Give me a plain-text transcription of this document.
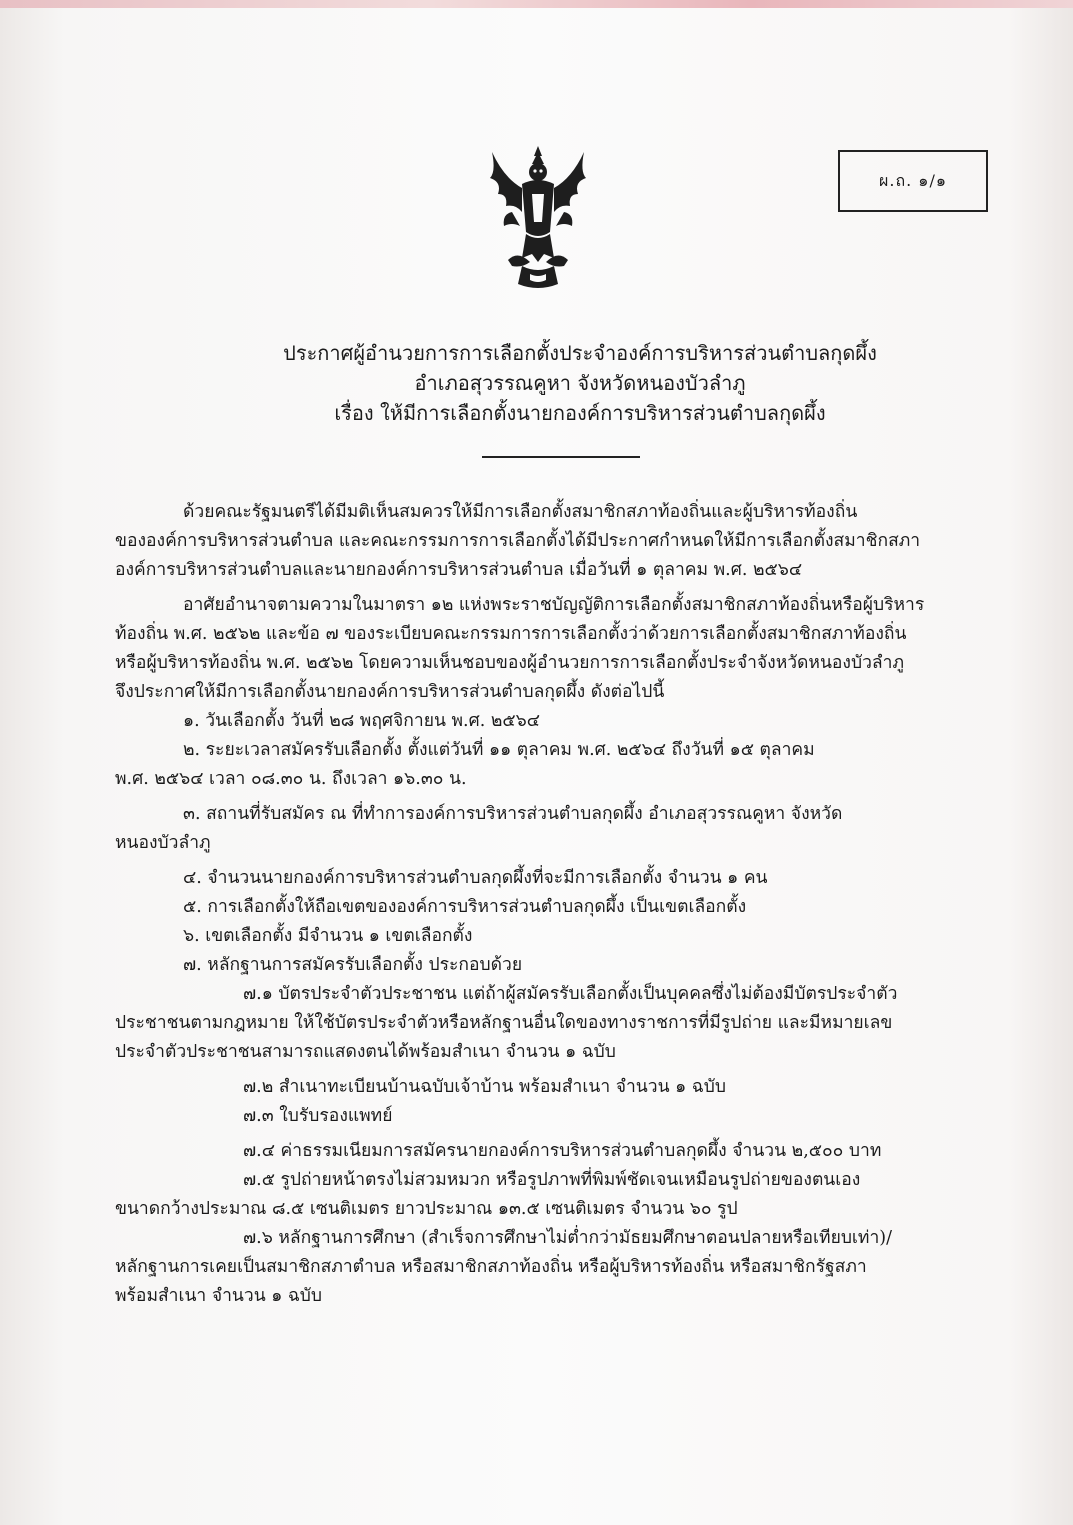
ผ.ถ. ๑/๑
ประกาศผู้อำนวยการการเลือกตั้งประจำองค์การบริหารส่วนตำบลกุดผึ้ง
อำเภอสุวรรณคูหา จังหวัดหนองบัวลำภู
เรื่อง ให้มีการเลือกตั้งนายกองค์การบริหารส่วนตำบลกุดผึ้ง
ด้วยคณะรัฐมนตรีได้มีมติเห็นสมควรให้มีการเลือกตั้งสมาชิกสภาท้องถิ่นและผู้บริหารท้องถิ่น
ขององค์การบริหารส่วนตำบล และคณะกรรมการการเลือกตั้งได้มีประกาศกำหนดให้มีการเลือกตั้งสมาชิกสภา
องค์การบริหารส่วนตำบลและนายกองค์การบริหารส่วนตำบล เมื่อวันที่ ๑ ตุลาคม พ.ศ. ๒๕๖๔
อาศัยอำนาจตามความในมาตรา ๑๒ แห่งพระราชบัญญัติการเลือกตั้งสมาชิกสภาท้องถิ่นหรือผู้บริหาร
ท้องถิ่น พ.ศ. ๒๕๖๒ และข้อ ๗ ของระเบียบคณะกรรมการการเลือกตั้งว่าด้วยการเลือกตั้งสมาชิกสภาท้องถิ่น
หรือผู้บริหารท้องถิ่น พ.ศ. ๒๕๖๒ โดยความเห็นชอบของผู้อำนวยการการเลือกตั้งประจำจังหวัดหนองบัวลำภู
จึงประกาศให้มีการเลือกตั้งนายกองค์การบริหารส่วนตำบลกุดผึ้ง ดังต่อไปนี้
๑. วันเลือกตั้ง วันที่ ๒๘ พฤศจิกายน พ.ศ. ๒๕๖๔
๒. ระยะเวลาสมัครรับเลือกตั้ง ตั้งแต่วันที่ ๑๑ ตุลาคม พ.ศ. ๒๕๖๔ ถึงวันที่ ๑๕ ตุลาคม
พ.ศ. ๒๕๖๔ เวลา ๐๘.๓๐ น. ถึงเวลา ๑๖.๓๐ น.
๓. สถานที่รับสมัคร ณ ที่ทำการองค์การบริหารส่วนตำบลกุดผึ้ง อำเภอสุวรรณคูหา จังหวัด
หนองบัวลำภู
๔. จำนวนนายกองค์การบริหารส่วนตำบลกุดผึ้งที่จะมีการเลือกตั้ง จำนวน ๑ คน
๕. การเลือกตั้งให้ถือเขตขององค์การบริหารส่วนตำบลกุดผึ้ง เป็นเขตเลือกตั้ง
๖. เขตเลือกตั้ง มีจำนวน ๑ เขตเลือกตั้ง
๗. หลักฐานการสมัครรับเลือกตั้ง ประกอบด้วย
๗.๑ บัตรประจำตัวประชาชน แต่ถ้าผู้สมัครรับเลือกตั้งเป็นบุคคลซึ่งไม่ต้องมีบัตรประจำตัว
ประชาชนตามกฎหมาย ให้ใช้บัตรประจำตัวหรือหลักฐานอื่นใดของทางราชการที่มีรูปถ่าย และมีหมายเลข
ประจำตัวประชาชนสามารถแสดงตนได้พร้อมสำเนา จำนวน ๑ ฉบับ
๗.๒ สำเนาทะเบียนบ้านฉบับเจ้าบ้าน พร้อมสำเนา จำนวน ๑ ฉบับ
๗.๓ ใบรับรองแพทย์
๗.๔ ค่าธรรมเนียมการสมัครนายกองค์การบริหารส่วนตำบลกุดผึ้ง จำนวน ๒,๕๐๐ บาท
๗.๕ รูปถ่ายหน้าตรงไม่สวมหมวก หรือรูปภาพที่พิมพ์ชัดเจนเหมือนรูปถ่ายของตนเอง
ขนาดกว้างประมาณ ๘.๕ เซนติเมตร ยาวประมาณ ๑๓.๕ เซนติเมตร จำนวน ๖๐ รูป
๗.๖ หลักฐานการศึกษา (สำเร็จการศึกษาไม่ต่ำกว่ามัธยมศึกษาตอนปลายหรือเทียบเท่า)/
หลักฐานการเคยเป็นสมาชิกสภาตำบล หรือสมาชิกสภาท้องถิ่น หรือผู้บริหารท้องถิ่น หรือสมาชิกรัฐสภา
พร้อมสำเนา จำนวน ๑ ฉบับ
